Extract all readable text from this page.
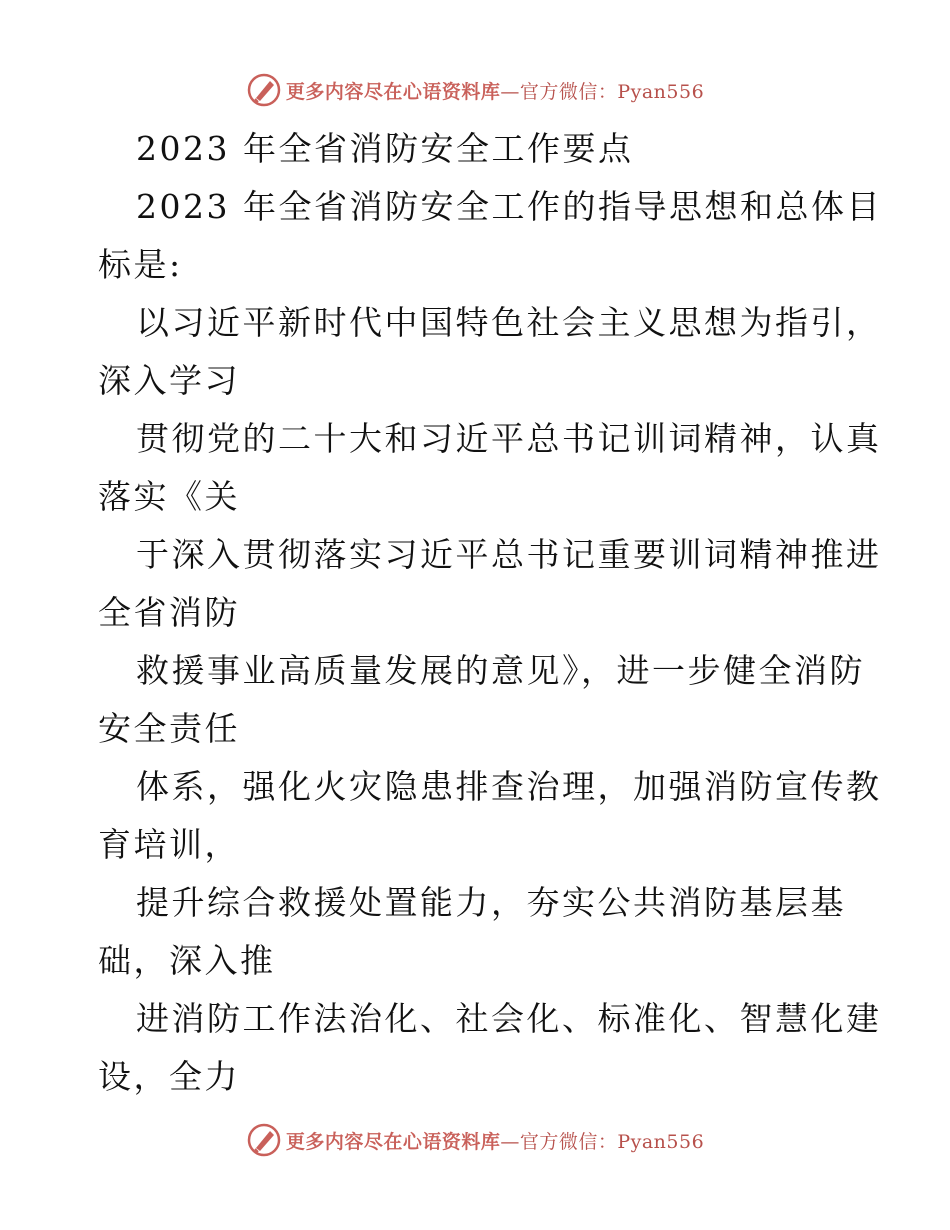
更多内容尽在心语资料库—官方微信：Pyan556
2023 年全省消防安全工作要点
2023 年全省消防安全工作的指导思想和总体目
标是:
以习近平新时代中国特色社会主义思想为指引，
深入学习
贯彻党的二十大和习近平总书记训词精神，认真
落实《关
于深入贯彻落实习近平总书记重要训词精神推进
全省消防
救援事业高质量发展的意见》，进一步健全消防
安全责任
体系，强化火灾隐患排查治理，加强消防宣传教
育培训，
提升综合救援处置能力，夯实公共消防基层基
础，深入推
进消防工作法治化、社会化、标准化、智慧化建
设，全力
更多内容尽在心语资料库—官方微信：Pyan556
